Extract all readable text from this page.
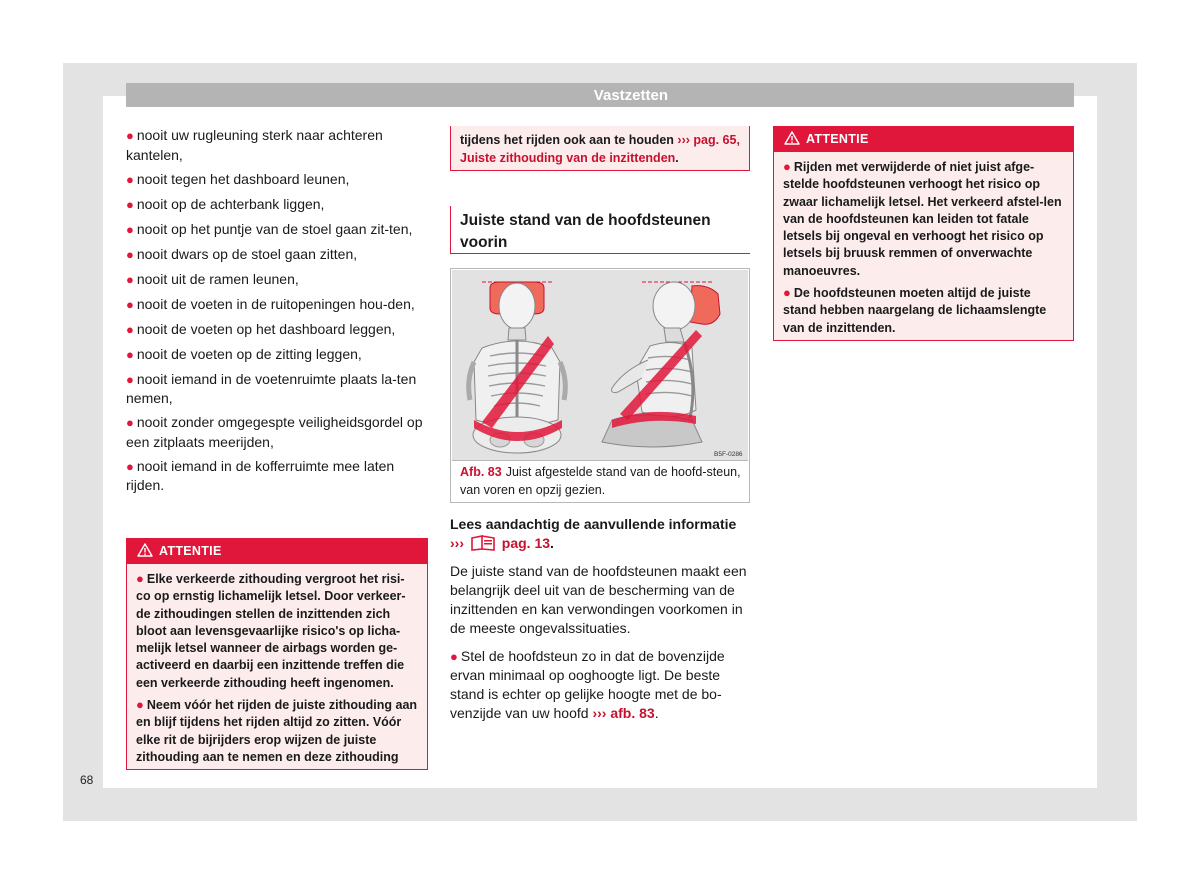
Vastzetten
● nooit uw rugleuning sterk naar achteren kantelen,
● nooit tegen het dashboard leunen,
● nooit op de achterbank liggen,
● nooit op het puntje van de stoel gaan zit-ten,
● nooit dwars op de stoel gaan zitten,
● nooit uit de ramen leunen,
● nooit de voeten in de ruitopeningen hou-den,
● nooit de voeten op het dashboard leggen,
● nooit de voeten op de zitting leggen,
● nooit iemand in de voetenruimte plaats la-ten nemen,
● nooit zonder omgegespte veiligheidsgordel op een zitplaats meerijden,
● nooit iemand in de kofferruimte mee laten rijden.
ATTENTIE
● Elke verkeerde zithouding vergroot het risi-co op ernstig lichamelijk letsel. Door verkeer-de zithoudingen stellen de inzittenden zich bloot aan levensgevaarlijke risico's op licha-melijk letsel wanneer de airbags worden ge-activeerd en daarbij een inzittende treffen die een verkeerde zithouding heeft ingenomen.
● Neem vóór het rijden de juiste zithouding aan en blijf tijdens het rijden altijd zo zitten. Vóór elke rit de bijrijders erop wijzen de juiste zithouding aan te nemen en deze zithouding
tijdens het rijden ook aan te houden ››› pag. 65, Juiste zithouding van de inzittenden.
Juiste stand van de hoofdsteunen voorin
B5F-0286
Afb. 83 Juist afgestelde stand van de hoofd-steun, van voren en opzij gezien.

Lees aandachtig de aanvullende informatie
›››	pag. 13.

De juiste stand van de hoofdsteunen maakt een belangrijk deel uit van de bescherming van de inzittenden en kan verwondingen voorkomen in de meeste ongevalssituaties.

● Stel de hoofdsteun zo in dat de bovenzijde ervan minimaal op ooghoogte ligt. De beste stand is echter op gelijke hoogte met de bo-venzijde van uw hoofd ››› afb. 83.

ATTENTIE
● Rijden met verwijderde of niet juist afge-stelde hoofdsteunen verhoogt het risico op zwaar lichamelijk letsel. Het verkeerd afstel-len van de hoofdsteunen kan leiden tot fatale letsels bij ongeval en verhoogt het risico op letsels bij bruusk remmen of onverwachte manoeuvres.
● De hoofdsteunen moeten altijd de juiste stand hebben naargelang de lichaamslengte van de inzittenden.
68
